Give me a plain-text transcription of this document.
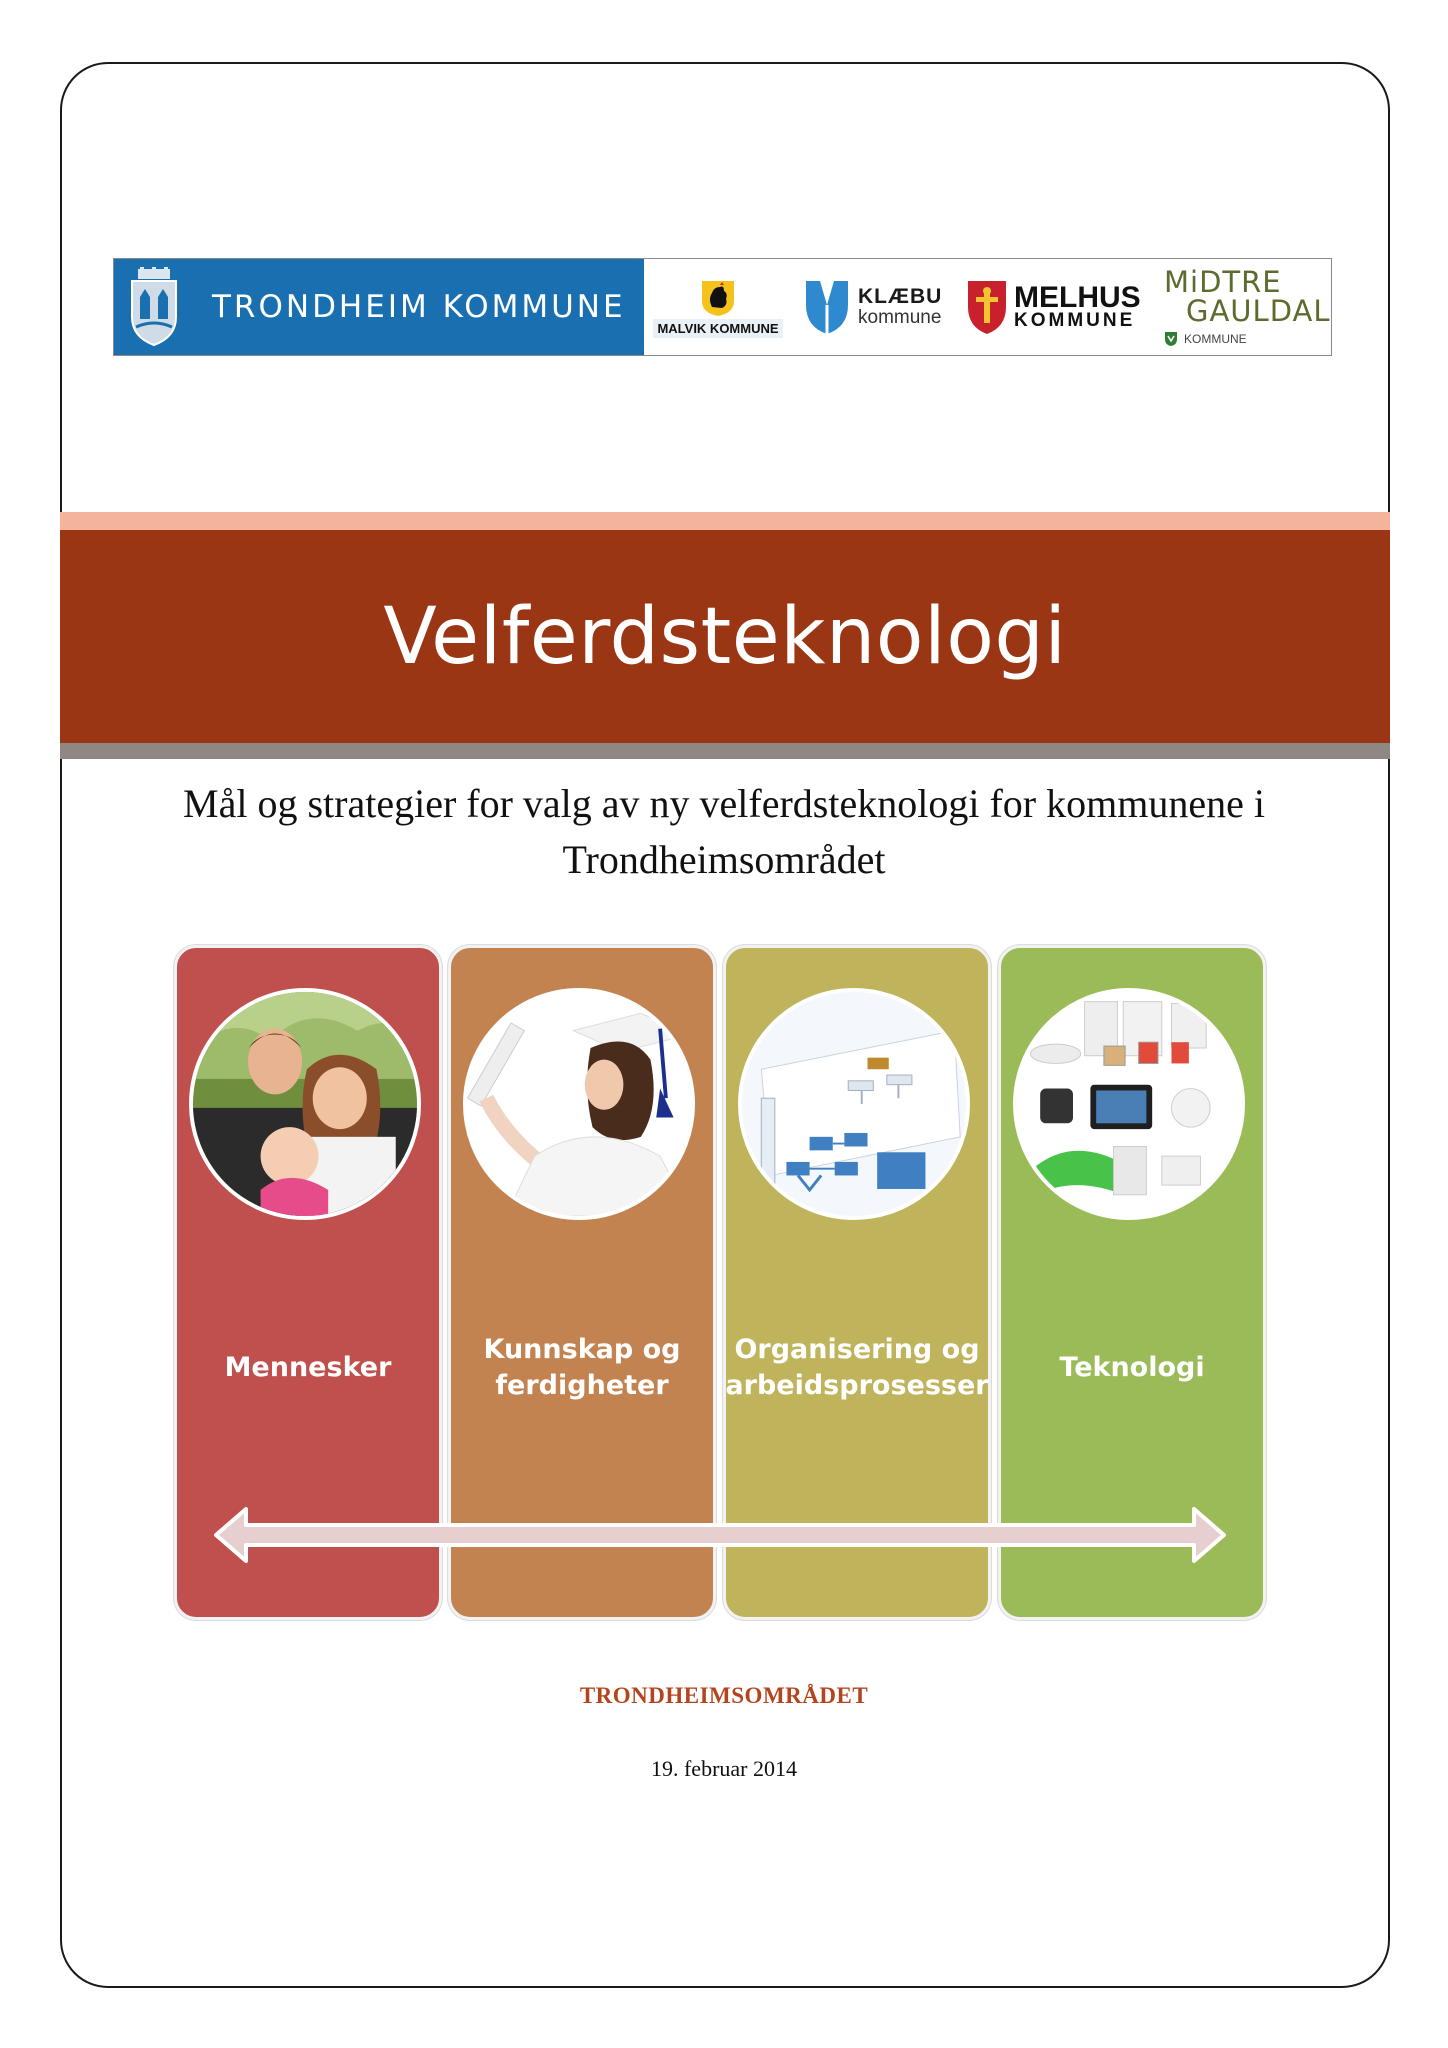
TRONDHEIM KOMMUNE
MALVIK KOMMUNE
KLÆBU
kommune
MELHUS
KOMMUNE
MiDTRE
GAULDAL
KOMMUNE
Velferdsteknologi
Mål og strategier for valg av ny velferdsteknologi for kommunene i Trondheimsområdet
Mennesker
Kunnskap og ferdigheter
Organisering og arbeidsprosesser
Teknologi
TRONDHEIMSOMRÅDET
19. februar 2014
